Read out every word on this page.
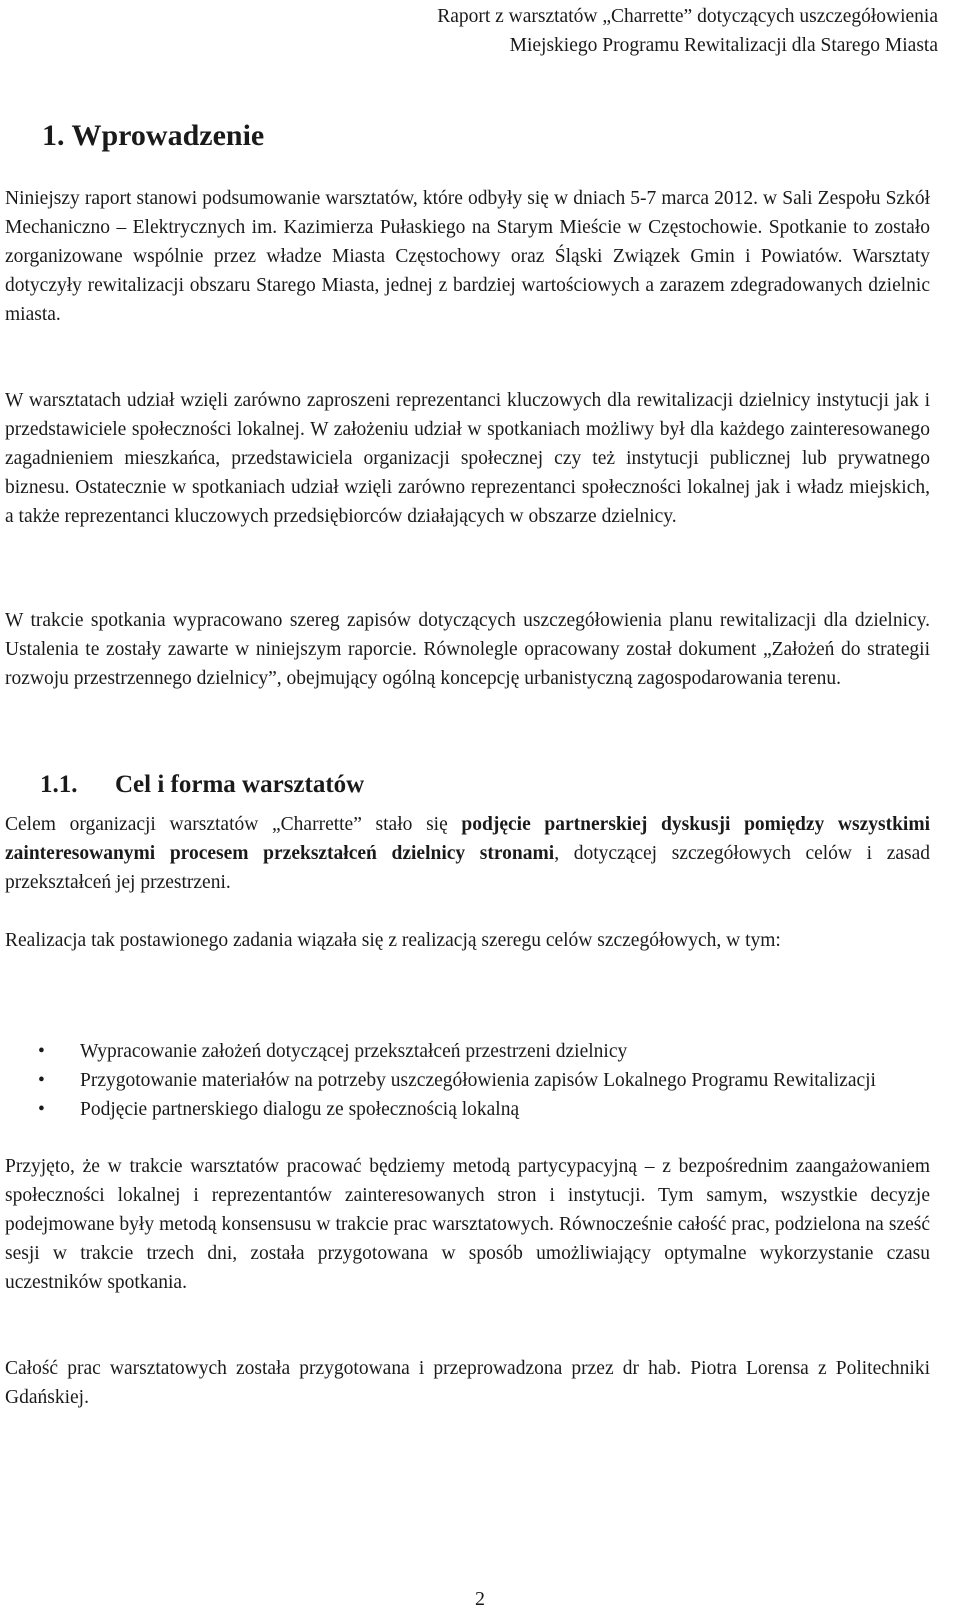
Raport z warsztatów „Charrette” dotyczących uszczegółowienia
Miejskiego Programu Rewitalizacji dla Starego Miasta
1. Wprowadzenie

Niniejszy raport stanowi podsumowanie warsztatów, które odbyły się w dniach 5-7 marca 2012. w Sali Zespołu Szkół Mechaniczno – Elektrycznych im. Kazimierza Pułaskiego na Starym Mieście w Częstochowie. Spotkanie to zostało zorganizowane wspólnie przez władze Miasta Częstochowy oraz Śląski Związek Gmin i Powiatów. Warsztaty dotyczyły rewitalizacji obszaru Starego Miasta, jednej z bardziej wartościowych a zarazem zdegradowanych dzielnic miasta.

W warsztatach udział wzięli zarówno zaproszeni reprezentanci kluczowych dla rewitalizacji dzielnicy instytucji jak i przedstawiciele społeczności lokalnej. W założeniu udział w spotkaniach możliwy był dla każdego zainteresowanego zagadnieniem mieszkańca, przedstawiciela organizacji społecznej czy też instytucji publicznej lub prywatnego biznesu. Ostatecznie w spotkaniach udział wzięli zarówno reprezentanci społeczności lokalnej jak i władz miejskich, a także reprezentanci kluczowych przedsiębiorców działających w obszarze dzielnicy.

W trakcie spotkania wypracowano szereg zapisów dotyczących uszczegółowienia planu rewitalizacji dla dzielnicy. Ustalenia te zostały zawarte w niniejszym raporcie. Równolegle opracowany został dokument „Założeń do strategii rozwoju przestrzennego dzielnicy”, obejmujący ogólną koncepcję urbanistyczną zagospodarowania terenu.

1.1. Cel i forma warsztatów

Celem organizacji warsztatów „Charrette” stało się podjęcie partnerskiej dyskusji pomiędzy wszystkimi zainteresowanymi procesem przekształceń dzielnicy stronami, dotyczącej szczegółowych celów i zasad przekształceń jej przestrzeni.

Realizacja tak postawionego zadania wiązała się z realizacją szeregu celów szczegółowych, w tym:

• Wypracowanie założeń dotyczącej przekształceń przestrzeni dzielnicy
• Przygotowanie materiałów na potrzeby uszczegółowienia zapisów Lokalnego Programu Rewitalizacji
• Podjęcie partnerskiego dialogu ze społecznością lokalną

Przyjęto, że w trakcie warsztatów pracować będziemy metodą partycypacyjną – z bezpośrednim zaangażowaniem społeczności lokalnej i reprezentantów zainteresowanych stron i instytucji. Tym samym, wszystkie decyzje podejmowane były metodą konsensusu w trakcie prac warsztatowych. Równocześnie całość prac, podzielona na sześć sesji w trakcie trzech dni, została przygotowana w sposób umożliwiający optymalne wykorzystanie czasu uczestników spotkania.

Całość prac warsztatowych została przygotowana i przeprowadzona przez dr hab. Piotra Lorensa z Politechniki Gdańskiej.

2
